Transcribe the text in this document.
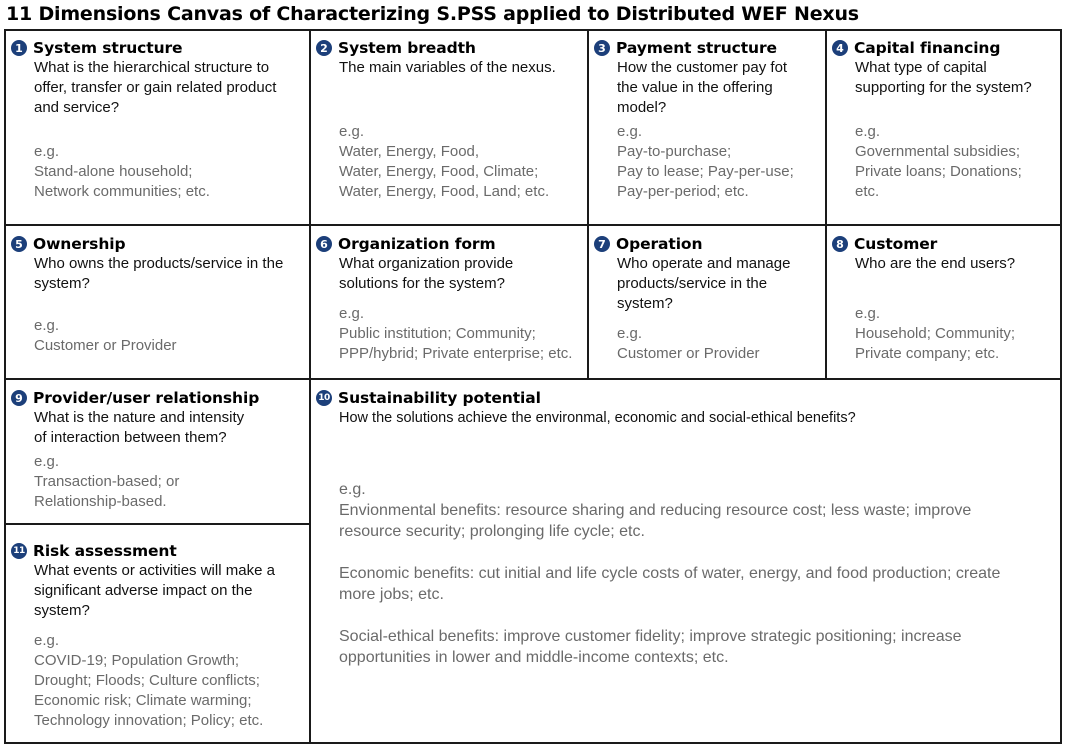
11 Dimensions Canvas of Characterizing S.PSS applied to Distributed WEF Nexus
1 System structure

What is the hierarchical structure to
offer, transfer or gain related product
and service?

e.g.
Stand-alone household;
Network communities; etc.

2 System breadth

The main variables of the nexus.

e.g.
Water, Energy, Food,
Water, Energy, Food, Climate;
Water, Energy, Food, Land; etc.

3 Payment structure

How the customer pay fot
the value in the offering
model?

e.g.
Pay-to-purchase;
Pay to lease; Pay-per-use;
Pay-per-period; etc.

4 Capital financing

What type of capital
supporting for the system?

e.g.
Governmental subsidies;
Private loans; Donations;
etc.

5 Ownership

Who owns the products/service in the
system?

e.g.
Customer or Provider

6 Organization form

What organization provide
solutions for the system?

e.g.
Public institution; Community;
PPP/hybrid; Private enterprise; etc.

7 Operation

Who operate and manage
products/service in the
system?

e.g.
Customer or Provider

8 Customer

Who are the end users?

e.g.
Household; Community;
Private company; etc.

9 Provider/user relationship

What is the nature and intensity
of interaction between them?

e.g.
Transaction-based; or
Relationship-based.

10 Sustainability potential

How the solutions achieve the environmal, economic and social-ethical benefits?

e.g.
Envionmental benefits: resource sharing and reducing resource cost; less waste; improve
resource security; prolonging life cycle; etc.

Economic benefits: cut initial and life cycle costs of water, energy, and food production; create
more jobs; etc.

Social-ethical benefits: improve customer fidelity; improve strategic positioning; increase
opportunities in lower and middle-income contexts; etc.

11 Risk assessment

What events or activities will make a
significant adverse impact on the
system?

e.g.
COVID-19; Population Growth;
Drought; Floods; Culture conflicts;
Economic risk; Climate warming;
Technology innovation; Policy; etc.
